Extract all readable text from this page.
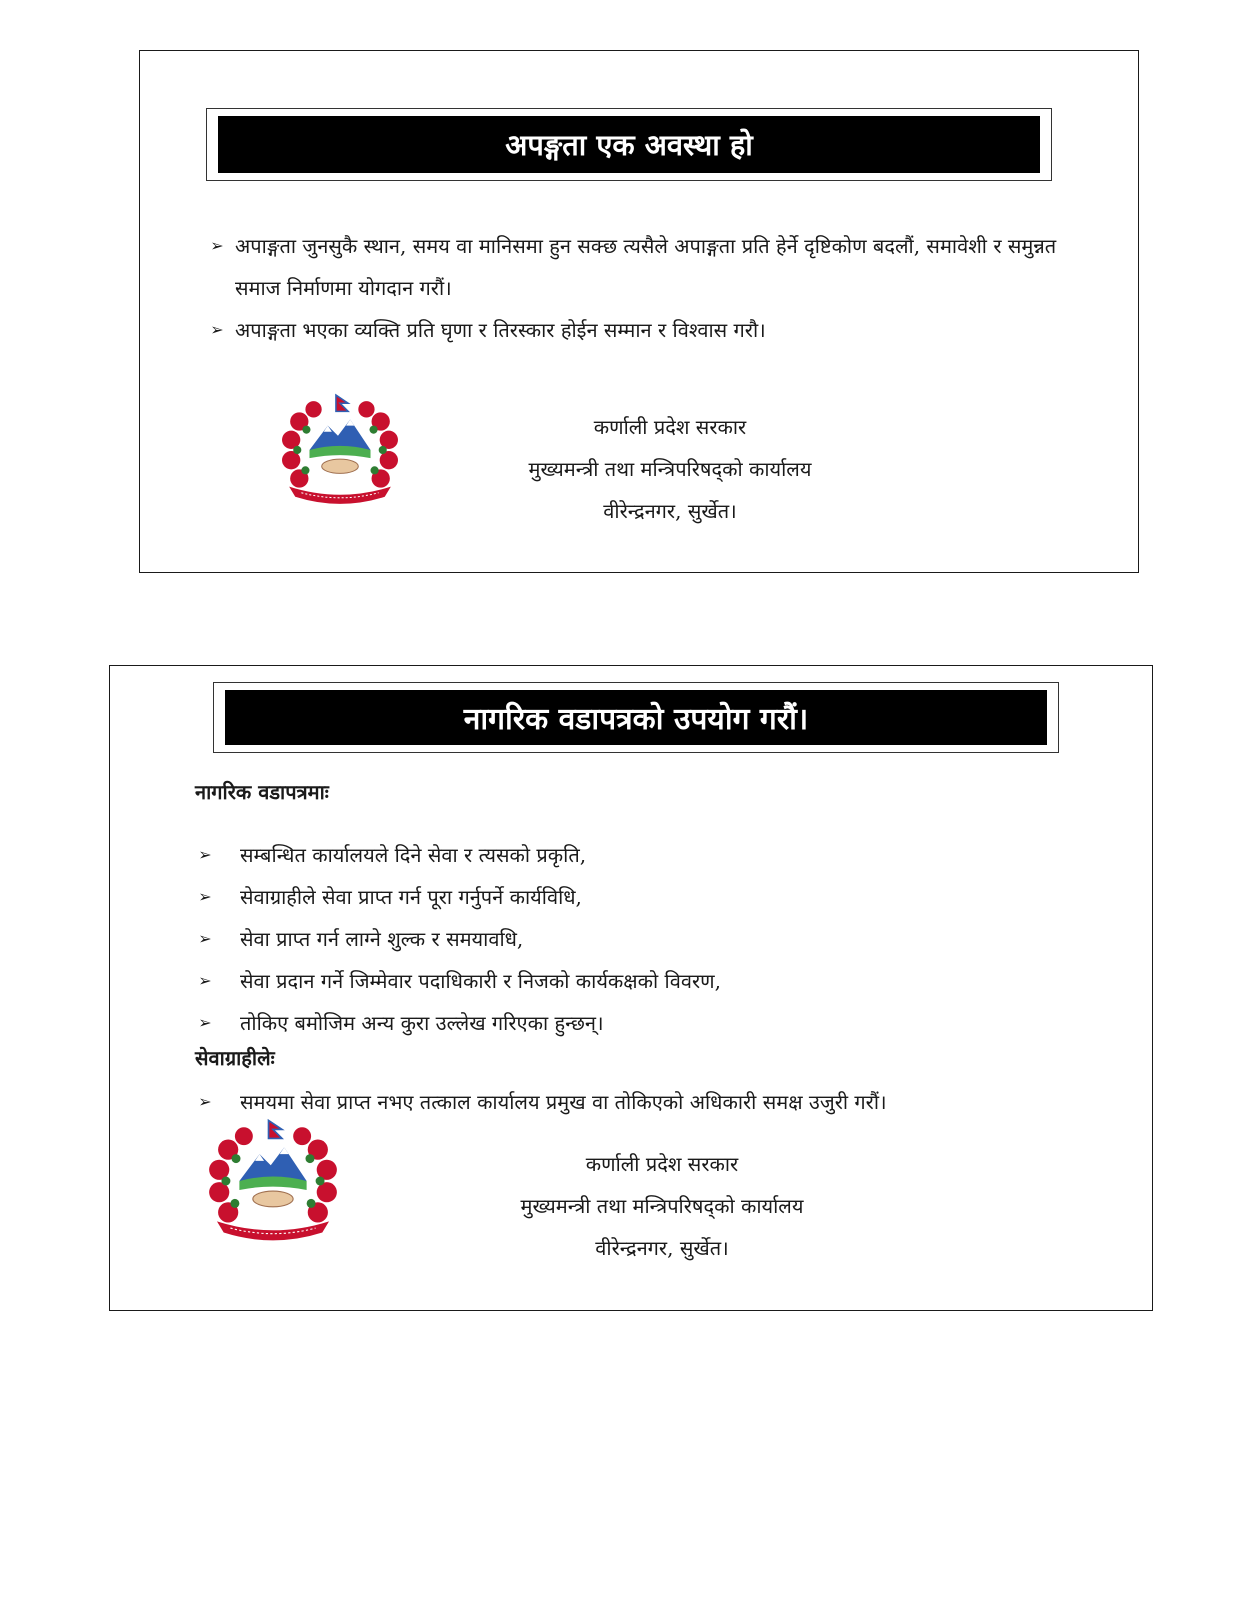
अपङ्गता एक अवस्था हो
➢ अपाङ्गता जुनसुकै स्थान, समय वा मानिसमा हुन सक्छ त्यसैले अपाङ्गता प्रति हेर्ने दृष्टिकोण बदलौं, समावेशी र समुन्नत समाज निर्माणमा योगदान गरौं।
➢ अपाङ्गता भएका व्यक्ति प्रति घृणा र तिरस्कार होईन सम्मान र विश्वास गरौ।
कर्णाली प्रदेश सरकार
मुख्यमन्त्री तथा मन्त्रिपरिषद्को कार्यालय
वीरेन्द्रनगर, सुर्खेत।
नागरिक वडापत्रको उपयोग गरौं।
नागरिक वडापत्रमाः
➢ सम्बन्धित कार्यालयले दिने सेवा र त्यसको प्रकृति,
➢ सेवाग्राहीले सेवा प्राप्त गर्न पूरा गर्नुपर्ने कार्यविधि,
➢ सेवा प्राप्त गर्न लाग्ने शुल्क र समयावधि,
➢ सेवा प्रदान गर्ने जिम्मेवार पदाधिकारी र निजको कार्यकक्षको विवरण,
➢ तोकिए बमोजिम अन्य कुरा उल्लेख गरिएका हुन्छन्।
सेवाग्राहीलेः
➢ समयमा सेवा प्राप्त नभए तत्काल कार्यालय प्रमुख वा तोकिएको अधिकारी समक्ष उजुरी गरौं।
कर्णाली प्रदेश सरकार
मुख्यमन्त्री तथा मन्त्रिपरिषद्को कार्यालय
वीरेन्द्रनगर, सुर्खेत।
